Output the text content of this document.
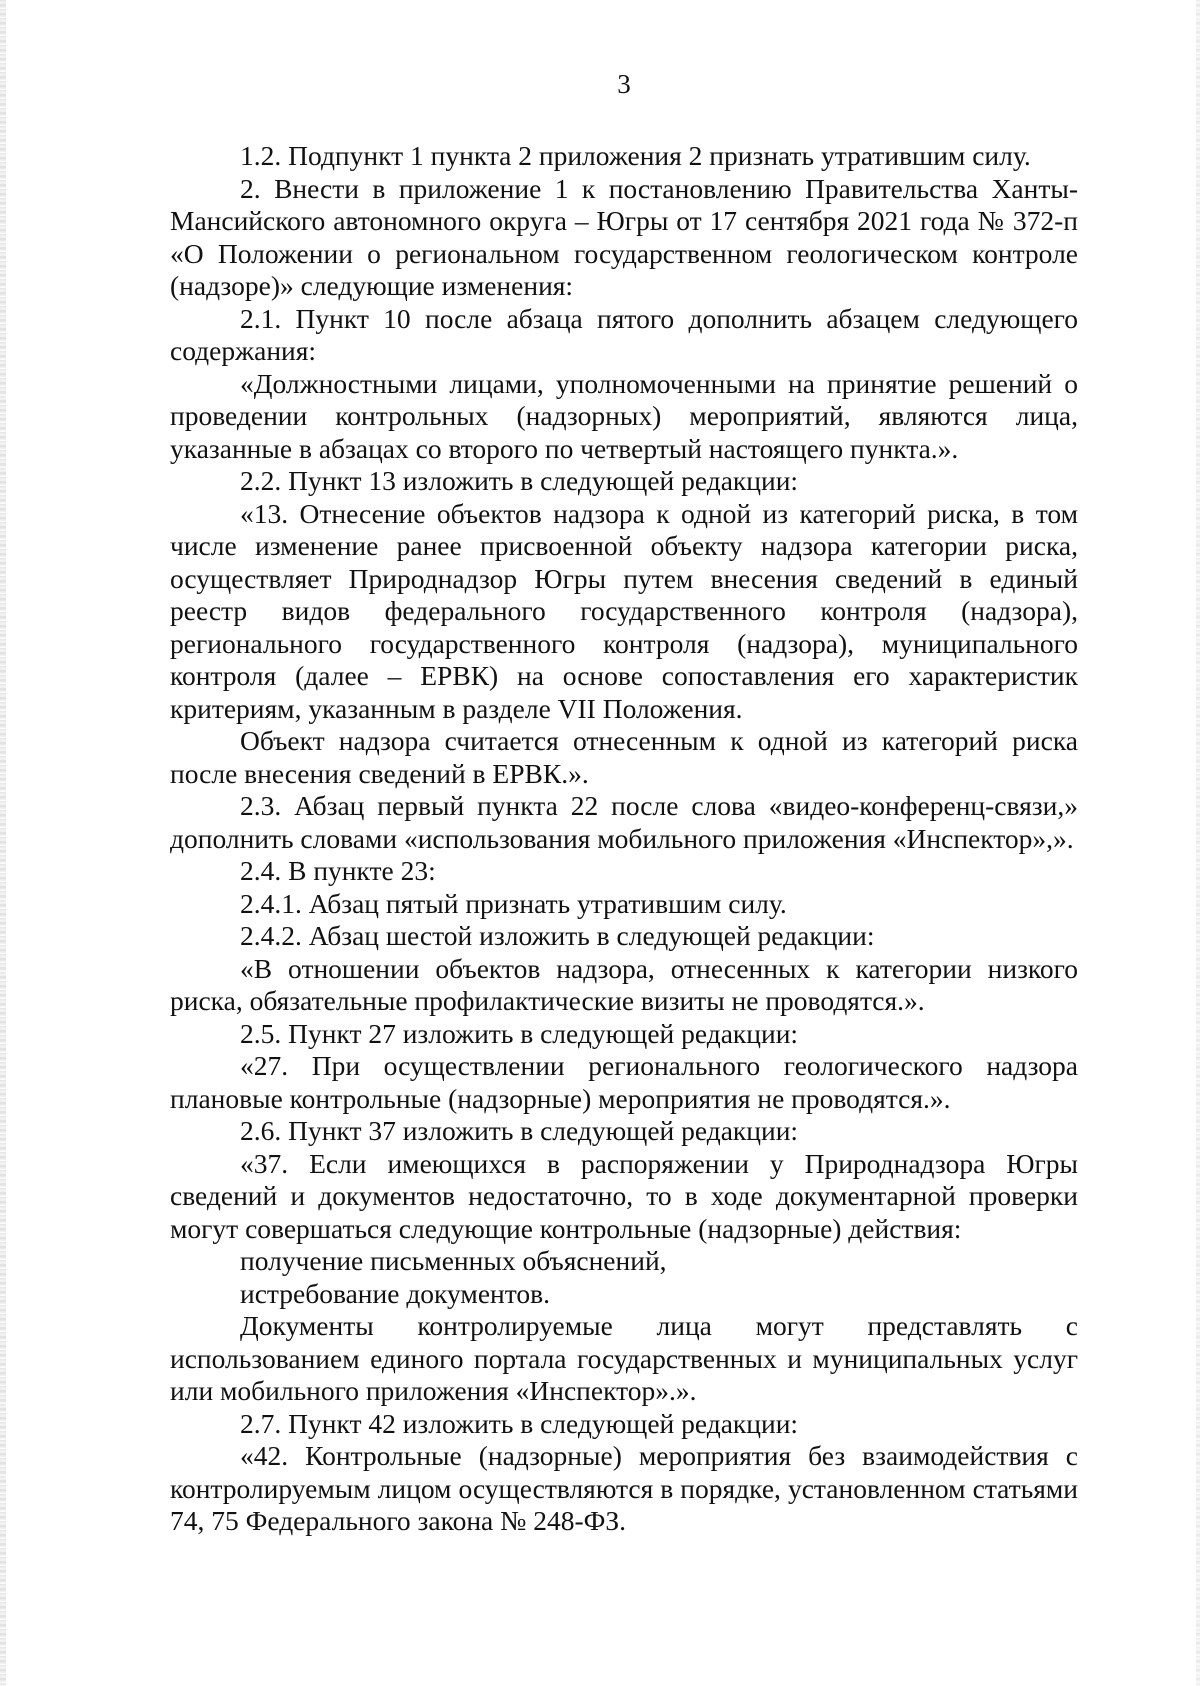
3

1.2. Подпункт 1 пункта 2 приложения 2 признать утратившим силу.

2. Внести в приложение 1 к постановлению Правительства Ханты-Мансийского автономного округа – Югры от 17 сентября 2021 года № 372-п «О Положении о региональном государственном геологическом контроле (надзоре)» следующие изменения:

2.1. Пункт 10 после абзаца пятого дополнить абзацем следующего содержания:

«Должностными лицами, уполномоченными на принятие решений о проведении контрольных (надзорных) мероприятий, являются лица, указанные в абзацах со второго по четвертый настоящего пункта.».

2.2. Пункт 13 изложить в следующей редакции:

«13. Отнесение объектов надзора к одной из категорий риска, в том числе изменение ранее присвоенной объекту надзора категории риска, осуществляет Природнадзор Югры путем внесения сведений в единый реестр видов федерального государственного контроля (надзора), регионального государственного контроля (надзора), муниципального контроля (далее – ЕРВК) на основе сопоставления его характеристик критериям, указанным в разделе VII Положения.

Объект надзора считается отнесенным к одной из категорий риска после внесения сведений в ЕРВК.».

2.3. Абзац первый пункта 22 после слова «видео-конференц-связи,» дополнить словами «использования мобильного приложения «Инспектор»,».

2.4. В пункте 23:

2.4.1. Абзац пятый признать утратившим силу.

2.4.2. Абзац шестой изложить в следующей редакции:

«В отношении объектов надзора, отнесенных к категории низкого риска, обязательные профилактические визиты не проводятся.».

2.5. Пункт 27 изложить в следующей редакции:

«27. При осуществлении регионального геологического надзора плановые контрольные (надзорные) мероприятия не проводятся.».

2.6. Пункт 37 изложить в следующей редакции:

«37. Если имеющихся в распоряжении у Природнадзора Югры сведений и документов недостаточно, то в ходе документарной проверки могут совершаться следующие контрольные (надзорные) действия:

получение письменных объяснений,

истребование документов.

Документы контролируемые лица могут представлять с использованием единого портала государственных и муниципальных услуг или мобильного приложения «Инспектор».».

2.7. Пункт 42 изложить в следующей редакции:

«42. Контрольные (надзорные) мероприятия без взаимодействия с контролируемым лицом осуществляются в порядке, установленном статьями 74, 75 Федерального закона № 248-ФЗ.
